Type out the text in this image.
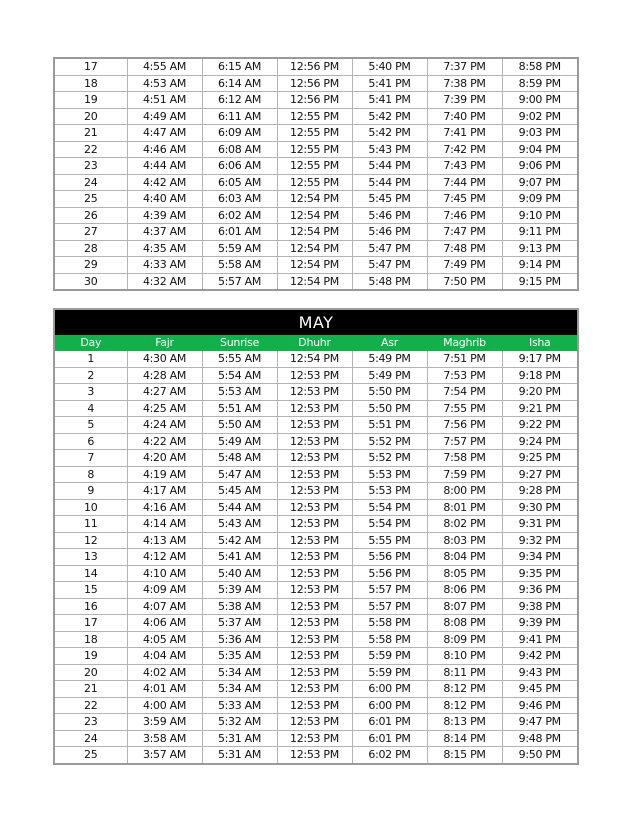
17	4:55 AM	6:15 AM	12:56 PM	5:40 PM	7:37 PM	8:58 PM
18	4:53 AM	6:14 AM	12:56 PM	5:41 PM	7:38 PM	8:59 PM
19	4:51 AM	6:12 AM	12:56 PM	5:41 PM	7:39 PM	9:00 PM
20	4:49 AM	6:11 AM	12:55 PM	5:42 PM	7:40 PM	9:02 PM
21	4:47 AM	6:09 AM	12:55 PM	5:42 PM	7:41 PM	9:03 PM
22	4:46 AM	6:08 AM	12:55 PM	5:43 PM	7:42 PM	9:04 PM
23	4:44 AM	6:06 AM	12:55 PM	5:44 PM	7:43 PM	9:06 PM
24	4:42 AM	6:05 AM	12:55 PM	5:44 PM	7:44 PM	9:07 PM
25	4:40 AM	6:03 AM	12:54 PM	5:45 PM	7:45 PM	9:09 PM
26	4:39 AM	6:02 AM	12:54 PM	5:46 PM	7:46 PM	9:10 PM
27	4:37 AM	6:01 AM	12:54 PM	5:46 PM	7:47 PM	9:11 PM
28	4:35 AM	5:59 AM	12:54 PM	5:47 PM	7:48 PM	9:13 PM
29	4:33 AM	5:58 AM	12:54 PM	5:47 PM	7:49 PM	9:14 PM
30	4:32 AM	5:57 AM	12:54 PM	5:48 PM	7:50 PM	9:15 PM
MAY						
Day	Fajr	Sunrise	Dhuhr	Asr	Maghrib	Isha
1	4:30 AM	5:55 AM	12:54 PM	5:49 PM	7:51 PM	9:17 PM
2	4:28 AM	5:54 AM	12:53 PM	5:49 PM	7:53 PM	9:18 PM
3	4:27 AM	5:53 AM	12:53 PM	5:50 PM	7:54 PM	9:20 PM
4	4:25 AM	5:51 AM	12:53 PM	5:50 PM	7:55 PM	9:21 PM
5	4:24 AM	5:50 AM	12:53 PM	5:51 PM	7:56 PM	9:22 PM
6	4:22 AM	5:49 AM	12:53 PM	5:52 PM	7:57 PM	9:24 PM
7	4:20 AM	5:48 AM	12:53 PM	5:52 PM	7:58 PM	9:25 PM
8	4:19 AM	5:47 AM	12:53 PM	5:53 PM	7:59 PM	9:27 PM
9	4:17 AM	5:45 AM	12:53 PM	5:53 PM	8:00 PM	9:28 PM
10	4:16 AM	5:44 AM	12:53 PM	5:54 PM	8:01 PM	9:30 PM
11	4:14 AM	5:43 AM	12:53 PM	5:54 PM	8:02 PM	9:31 PM
12	4:13 AM	5:42 AM	12:53 PM	5:55 PM	8:03 PM	9:32 PM
13	4:12 AM	5:41 AM	12:53 PM	5:56 PM	8:04 PM	9:34 PM
14	4:10 AM	5:40 AM	12:53 PM	5:56 PM	8:05 PM	9:35 PM
15	4:09 AM	5:39 AM	12:53 PM	5:57 PM	8:06 PM	9:36 PM
16	4:07 AM	5:38 AM	12:53 PM	5:57 PM	8:07 PM	9:38 PM
17	4:06 AM	5:37 AM	12:53 PM	5:58 PM	8:08 PM	9:39 PM
18	4:05 AM	5:36 AM	12:53 PM	5:58 PM	8:09 PM	9:41 PM
19	4:04 AM	5:35 AM	12:53 PM	5:59 PM	8:10 PM	9:42 PM
20	4:02 AM	5:34 AM	12:53 PM	5:59 PM	8:11 PM	9:43 PM
21	4:01 AM	5:34 AM	12:53 PM	6:00 PM	8:12 PM	9:45 PM
22	4:00 AM	5:33 AM	12:53 PM	6:00 PM	8:12 PM	9:46 PM
23	3:59 AM	5:32 AM	12:53 PM	6:01 PM	8:13 PM	9:47 PM
24	3:58 AM	5:31 AM	12:53 PM	6:01 PM	8:14 PM	9:48 PM
25	3:57 AM	5:31 AM	12:53 PM	6:02 PM	8:15 PM	9:50 PM
